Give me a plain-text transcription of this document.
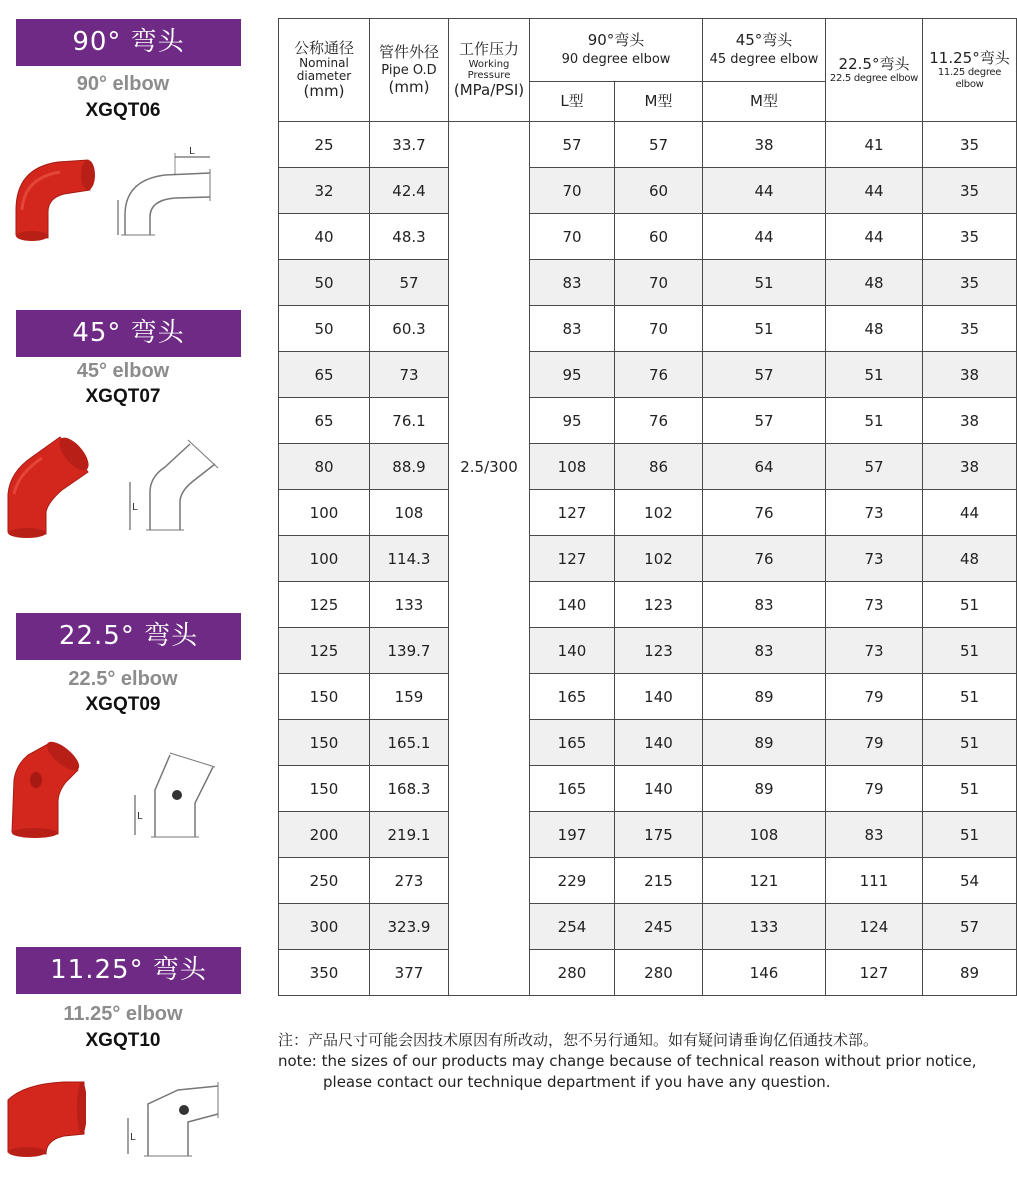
90° 弯头
90° elbow
XGQT06
L
45° 弯头
45° elbow
XGQT07
L
22.5° 弯头
22.5° elbow
XGQT09
L
11.25° 弯头
11.25° elbow
XGQT10
L
公称通径
Nominal
diameter
(mm)	管件外径
Pipe O.D
(mm)	工作压力
Working Pressure
(MPa/PSI)	90°弯头
90 degree elbow		45°弯头
45 degree elbow	22.5°弯头
22.5 degree elbow	11.25°弯头
11.25 degree elbow

			L型	M型	M型		
25	33.7		57	57	38	41	35
32	42.4		70	60	44	44	35
40	48.3		70	60	44	44	35
50	57		83	70	51	48	35
50	60.3		83	70	51	48	35
65	73		95	76	57	51	38
65	76.1		95	76	57	51	38
80	88.9	2.5/300	108	86	64	57	38
100	108		127	102	76	73	44
100	114.3		127	102	76	73	48
125	133		140	123	83	73	51
125	139.7		140	123	83	73	51
150	159		165	140	89	79	51
150	165.1		165	140	89	79	51
150	168.3		165	140	89	79	51
200	219.1		197	175	108	83	51
250	273		229	215	121	111	54
300	323.9		254	245	133	124	57
350	377		280	280	146	127	89
注：产品尺寸可能会因技术原因有所改动，恕不另行通知。如有疑问请垂询亿佰通技术部。
note: the sizes of our products may change because of technical reason without prior notice,
please contact our technique department if you have any question.
